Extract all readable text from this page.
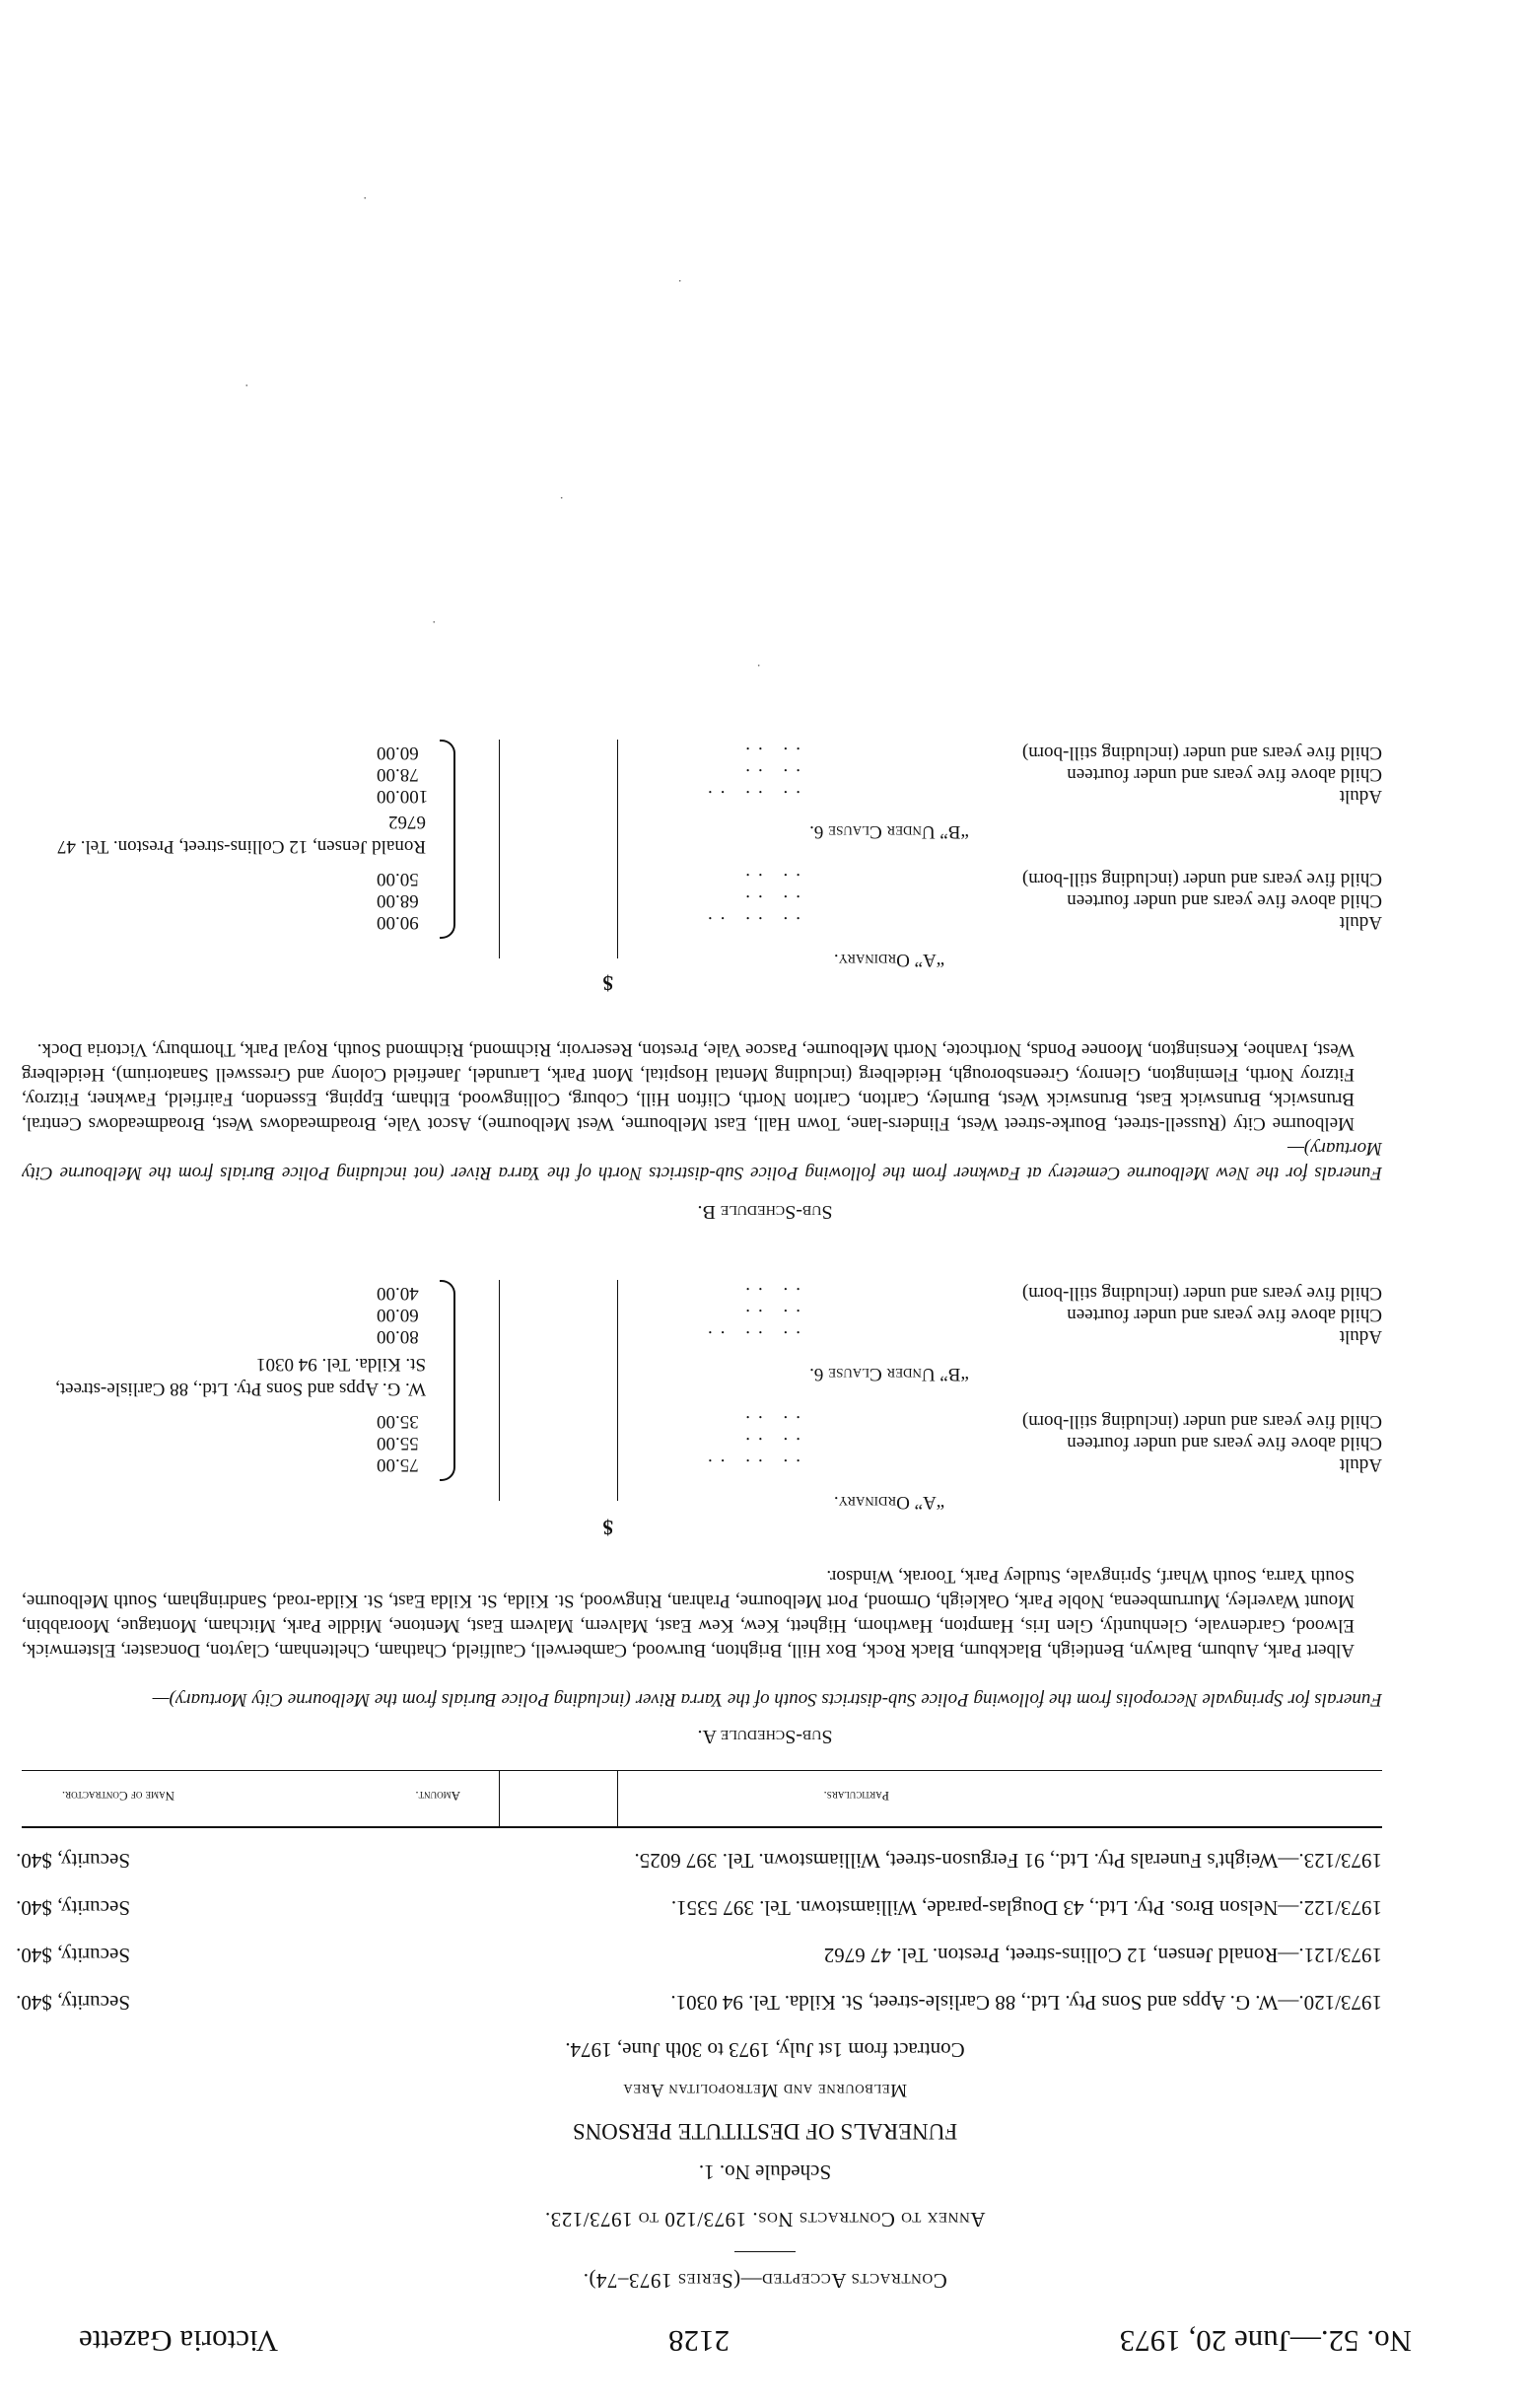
No. 52.—June 20, 1973
2128
Victoria Gazette
Contracts Accepted—(Series 1973–74).
Annex to Contracts Nos. 1973/120 to 1973/123.
Schedule No. 1.
FUNERALS OF DESTITUTE PERSONS
Melbourne and Metropolitan Area
Contract from 1st July, 1973 to 30th June, 1974.
1973/120.—W. G. Apps and Sons Pty. Ltd., 88 Carlisle-street, St. Kilda. Tel. 94 0301.
Security, $40.
1973/121.—Ronald Jensen, 12 Collins-street, Preston. Tel. 47 6762
Security, $40.
1973/122.—Nelson Bros. Pty. Ltd., 43 Douglas-parade, Williamstown. Tel. 397 5351.
Security, $40.
1973/123.—Weight's Funerals Pty. Ltd., 91 Ferguson-street, Williamstown. Tel. 397 6025.
Security, $40.
Particulars.
Amount.
Name of Contractor.
Sub-Schedule A.
Funerals for Springvale Necropolis from the following Police Sub-districts South of the Yarra River (including Police Burials from the Melbourne City Mortuary)—
Albert Park, Auburn, Balwyn, Bentleigh, Blackburn, Black Rock, Box Hill, Brighton, Burwood, Camberwell, Caulfield, Chatham, Cheltenham, Clayton, Doncaster, Elsternwick, Elwood, Gardenvale, Glenhuntly, Glen Iris, Hampton, Hawthorn, Highett, Kew, Kew East, Malvern, Malvern East, Mentone, Middle Park, Mitcham, Montague, Moorabbin, Mount Waverley, Murrumbeena, Noble Park, Oakleigh, Ormond, Port Melbourne, Prahran, Ringwood, St. Kilda, St. Kilda East, St. Kilda-road, Sandringham, South Melbourne, South Yarra, South Wharf, Springvale, Studley Park, Toorak, Windsor.
$
“A” Ordinary.
Adult
.. .. ..
75.00
Child above five years and under fourteen
.. ..
55.00
Child five years and under (including still-born)
.. ..
35.00
“B” Under Clause 6.
Adult
.. .. ..
80.00
Child above five years and under fourteen
.. ..
60.00
Child five years and under (including still-born)
.. ..
40.00
W. G. Apps and Sons Pty. Ltd., 88 Carlisle-street, St. Kilda. Tel. 94 0301
Sub-Schedule B.
Funerals for the New Melbourne Cemetery at Fawkner from the following Police Sub-districts North of the Yarra River (not including Police Burials from the Melbourne City Mortuary)—
Melbourne City (Russell-street, Bourke-street West, Flinders-lane, Town Hall, East Melbourne, West Melbourne), Ascot Vale, Broadmeadows West, Broadmeadows Central, Brunswick, Brunswick East, Brunswick West, Burnley, Carlton, Carlton North, Clifton Hill, Coburg, Collingwood, Eltham, Epping, Essendon, Fairfield, Fawkner, Fitzroy, Fitzroy North, Flemington, Glenroy, Greensborough, Heidelberg (including Mental Hospital, Mont Park, Larundel, Janefield Colony and Gresswell Sanatorium), Heidelberg West, Ivanhoe, Kensington, Moonee Ponds, Northcote, North Melbourne, Pascoe Vale, Preston, Reservoir, Richmond, Richmond South, Royal Park, Thornbury, Victoria Dock.
$
“A” Ordinary.
Adult
.. .. ..
90.00
Child above five years and under fourteen
.. ..
68.00
Child five years and under (including still-born)
.. ..
50.00
“B” Under Clause 6.
Adult
.. .. ..
100.00
Child above five years and under fourteen
.. ..
78.00
Child five years and under (including still-born)
.. ..
60.00
Ronald Jensen, 12 Collins-street, Preston. Tel. 47 6762
·
.
·
.
·
.
